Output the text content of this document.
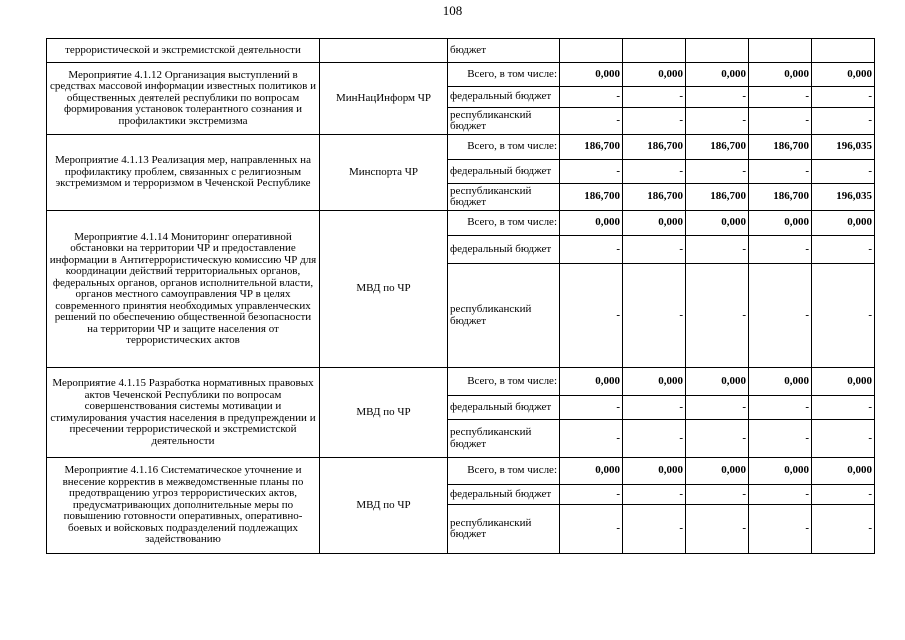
108
террористической и экстремистской деятельности		бюджет					
Мероприятие 4.1.12 Организация выступлений в средствах массовой информации известных политиков и общественных деятелей республики по вопросам формирования установок толерантного сознания и профилактики экстремизма	МинНацИнформ ЧР	Всего, в том числе:	0,000	0,000	0,000	0,000	0,000
		федеральный бюджет	-	-	-	-	-
		республиканский бюджет	-	-	-	-	-
Мероприятие 4.1.13 Реализация мер, направленных на профилактику проблем, связанных с религиозным экстремизмом и терроризмом в Чеченской Республике	Минспорта ЧР	Всего, в том числе:	186,700	186,700	186,700	186,700	196,035
		федеральный бюджет	-	-	-	-	-
		республиканский бюджет	186,700	186,700	186,700	186,700	196,035
Мероприятие 4.1.14 Мониторинг оперативной обстановки на территории ЧР и предоставление информации в Антитеррористическую комиссию ЧР для координации действий территориальных органов, федеральных органов, органов исполнительной власти, органов местного самоуправления ЧР в целях современного принятия необходимых управленческих решений по обеспечению общественной безопасности на территории ЧР и защите населения от террористических актов	МВД по ЧР	Всего, в том числе:	0,000	0,000	0,000	0,000	0,000
		федеральный бюджет	-	-	-	-	-
		республиканский бюджет	-	-	-	-	-
Мероприятие 4.1.15 Разработка нормативных правовых актов Чеченской Республики по вопросам совершенствования системы мотивации и стимулирования участия населения в предупреждении и пресечении террористической и экстремистской деятельности	МВД по ЧР	Всего, в том числе:	0,000	0,000	0,000	0,000	0,000
		федеральный бюджет	-	-	-	-	-
		республиканский бюджет	-	-	-	-	-
Мероприятие 4.1.16 Систематическое уточнение и внесение корректив в межведомственные планы по предотвращению угроз террористических актов, предусматривающих дополнительные меры по повышению готовности оперативных, оперативно-боевых и войсковых подразделений подлежащих задействованию	МВД по ЧР	Всего, в том числе:	0,000	0,000	0,000	0,000	0,000
		федеральный бюджет	-	-	-	-	-
		республиканский бюджет	-	-	-	-	-
